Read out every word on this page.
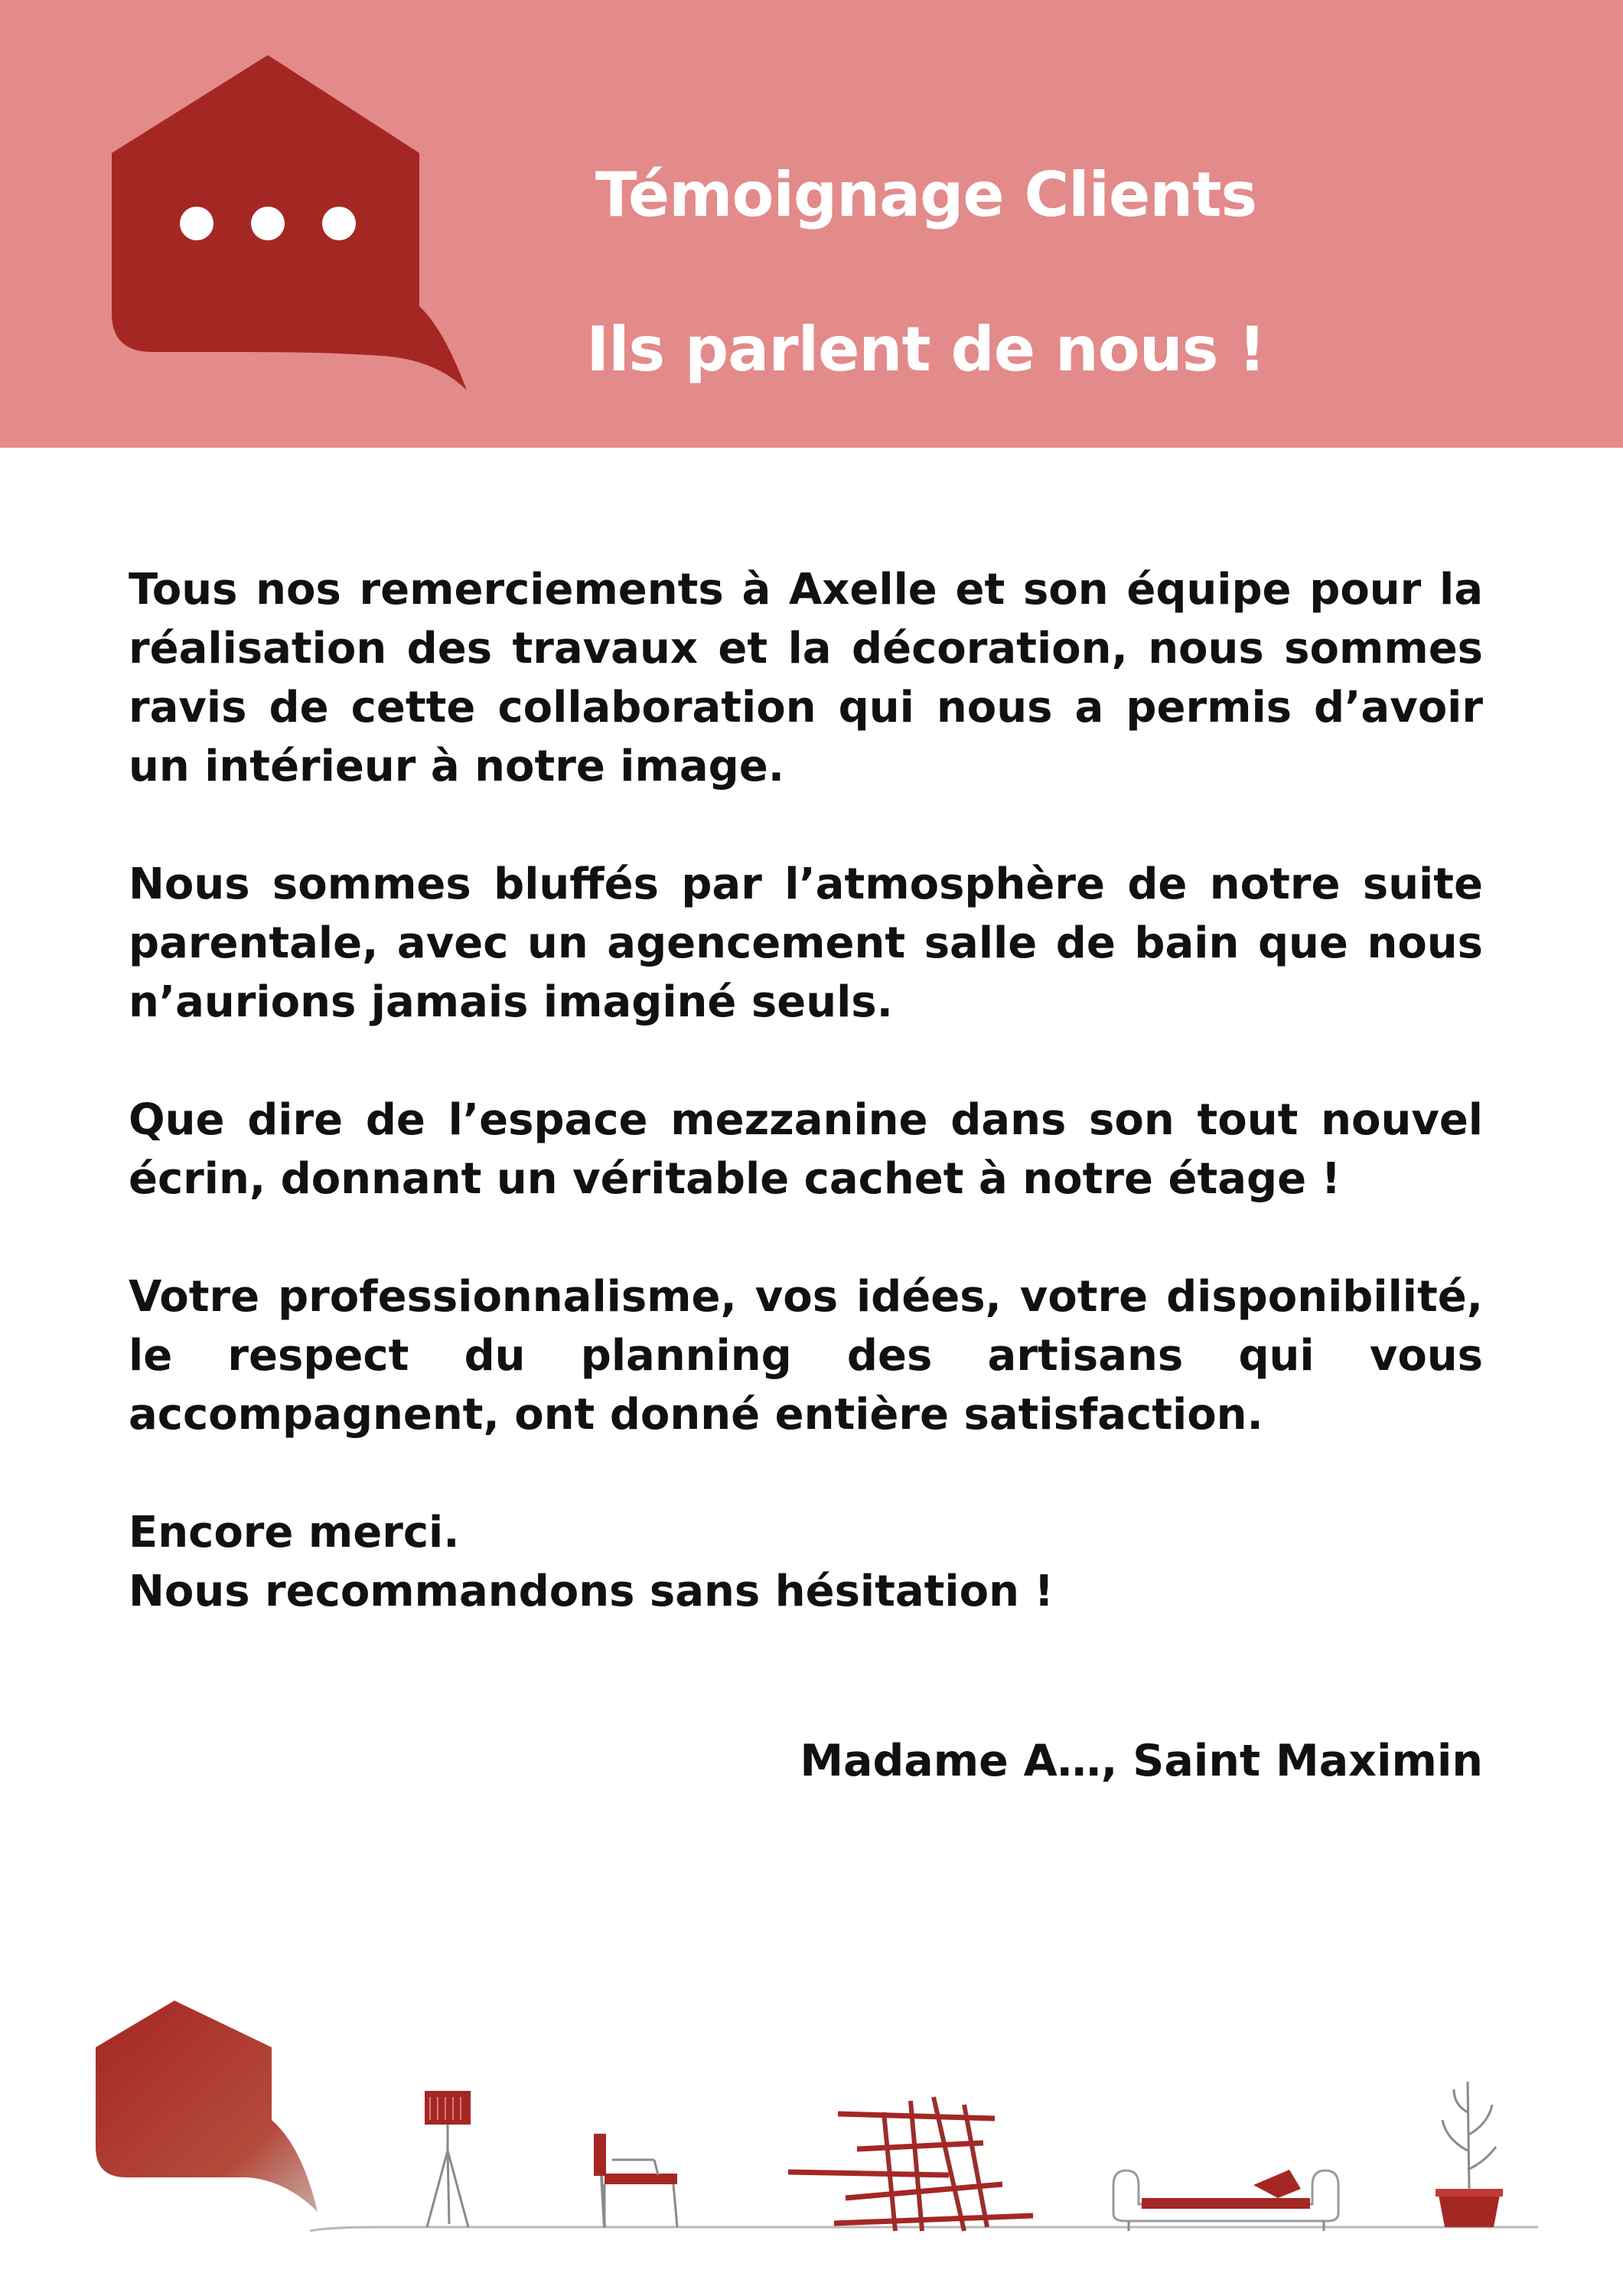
Témoignage Clients
Ils parlent de nous !

Tous nos remerciements à Axelle et son équipe pour la réalisation des travaux et la décoration, nous sommes ravis de cette collaboration qui nous a permis d’avoir un intérieur à notre image.

Nous sommes bluffés par l’atmosphère de notre suite parentale, avec un agencement salle de bain que nous n’aurions jamais imaginé seuls.

Que dire de l’espace mezzanine dans son tout nouvel écrin, donnant un véritable cachet à notre étage !

Votre professionnalisme, vos idées, votre disponibilité, le respect du planning des artisans qui vous accompagnent, ont donné entière satisfaction.

Encore merci.
Nous recommandons sans hésitation !
Madame A…, Saint Maximin
